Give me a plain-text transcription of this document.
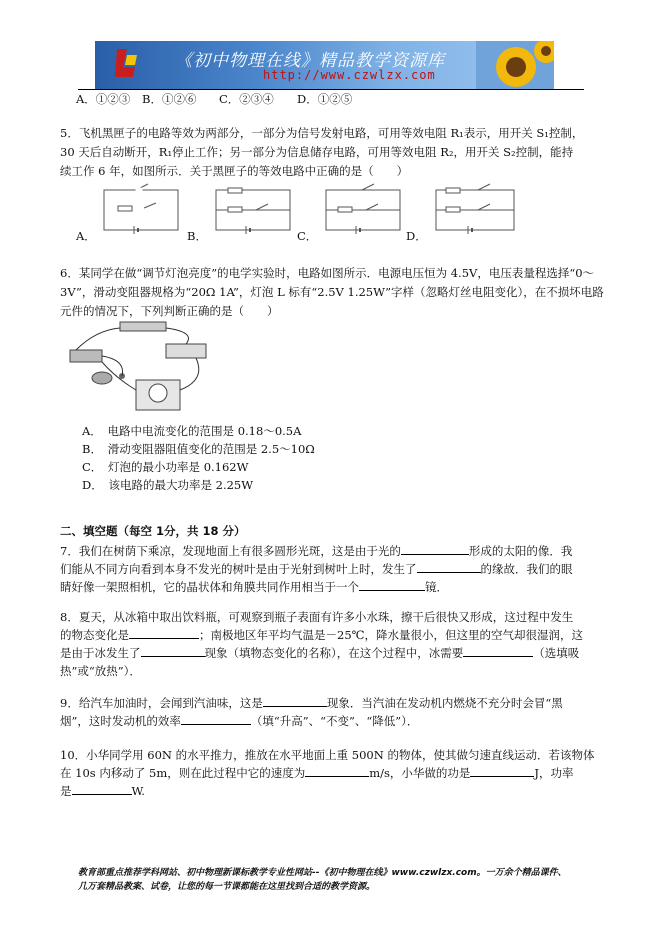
《初中物理在线》精品教学资源库
http://www.czwlzx.com
A．①②③ B．①②⑥ C．②③④ D．①②⑤
5．飞机黑匣子的电路等效为两部分，一部分为信号发射电路，可用等效电阻 R₁表示，用开关 S₁控制，
30 天后自动断开，R₁停止工作；另一部分为信息储存电路，可用等效电阻 R₂，用开关 S₂控制，能持
续工作 6 年，如图所示．关于黑匣子的等效电路中正确的是（　　）
A．	B．	C．	D．
6．某同学在做“调节灯泡亮度”的电学实验时，电路如图所示．电源电压恒为 4.5V，电压表量程选择“0～
3V”，滑动变阻器规格为“20Ω 1A”，灯泡 L 标有“2.5V 1.25W”字样（忽略灯丝电阻变化），在不损坏电路
元件的情况下，下列判断正确的是（　　）
A．　电路中电流变化的范围是 0.18～0.5A
B．　滑动变阻器阻值变化的范围是 2.5～10Ω
C．　灯泡的最小功率是 0.162W
D．　该电路的最大功率是 2.25W
二、填空题（每空 1分，共 18 分）
7．我们在树荫下乘凉，发现地面上有很多圆形光斑，这是由于光的	形成的太阳的像．我
们能从不同方向看到本身不发光的树叶是由于光射到树叶上时，发生了	的缘故．我们的眼
睛好像一架照相机，它的晶状体和角膜共同作用相当于一个	镜．
8．夏天，从冰箱中取出饮料瓶，可观察到瓶子表面有许多小水珠，擦干后很快又形成，这过程中发生
的物态变化是	；南极地区年平均气温是－25℃，降水量很小，但这里的空气却很湿润，这
是由于冰发生了	现象（填物态变化的名称），在这个过程中，冰需要	（选填吸
热”或“放热”）．
9．给汽车加油时，会闻到汽油味，这是	现象．当汽油在发动机内燃烧不充分时会冒“黑
烟”，这时发动机的效率	（填“升高”、“不变”、“降低”）．
10．小华同学用 60N 的水平推力，推放在水平地面上重 500N 的物体，使其做匀速直线运动．若该物体
在 10s 内移动了 5m，则在此过程中它的速度为	m/s，小华做的功是	J，功率
是	W.
教育部重点推荐学科网站、初中物理新课标教学专业性网站--《初中物理在线》www.czwlzx.com。一万余个精品课件、
几万套精品教案、试卷，让您的每一节课都能在这里找到合适的教学资源。
